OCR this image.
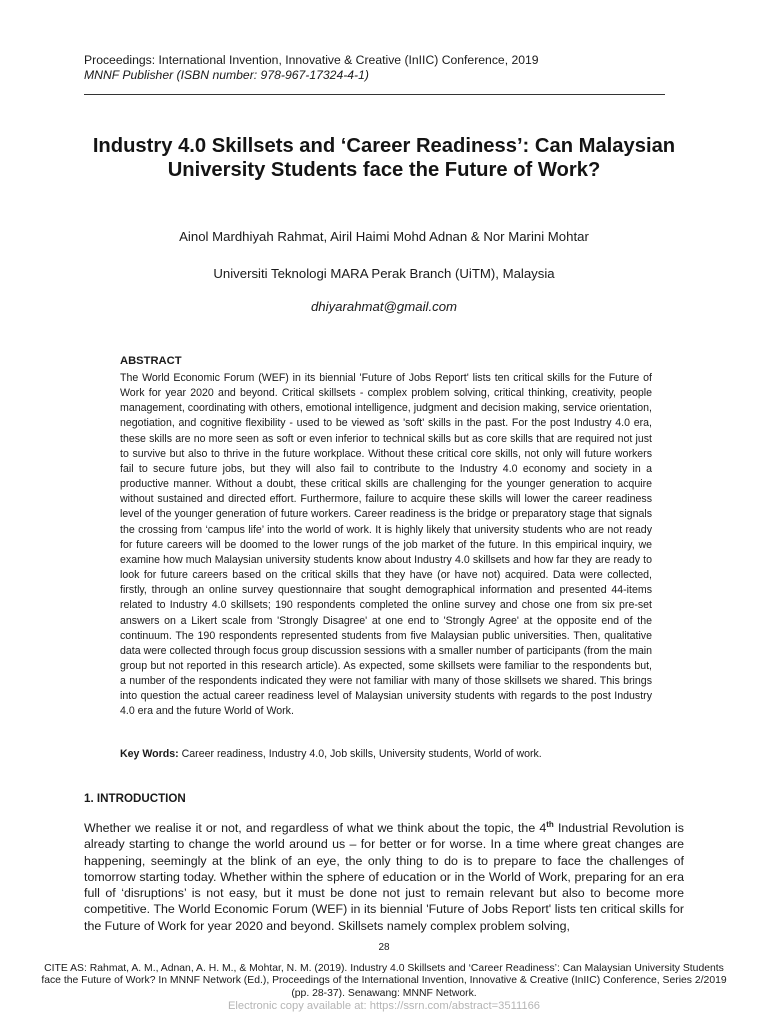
Proceedings: International Invention, Innovative & Creative (InIIC) Conference, 2019
MNNF Publisher (ISBN number: 978-967-17324-4-1)
Industry 4.0 Skillsets and ‘Career Readiness’: Can Malaysian University Students face the Future of Work?
Ainol Mardhiyah Rahmat, Airil Haimi Mohd Adnan & Nor Marini Mohtar
Universiti Teknologi MARA Perak Branch (UiTM), Malaysia
dhiyarahmat@gmail.com
ABSTRACT
The World Economic Forum (WEF) in its biennial 'Future of Jobs Report' lists ten critical skills for the Future of Work for year 2020 and beyond. Critical skillsets - complex problem solving, critical thinking, creativity, people management, coordinating with others, emotional intelligence, judgment and decision making, service orientation, negotiation, and cognitive flexibility - used to be viewed as 'soft' skills in the past. For the post Industry 4.0 era, these skills are no more seen as soft or even inferior to technical skills but as core skills that are required not just to survive but also to thrive in the future workplace. Without these critical core skills, not only will future workers fail to secure future jobs, but they will also fail to contribute to the Industry 4.0 economy and society in a productive manner. Without a doubt, these critical skills are challenging for the younger generation to acquire without sustained and directed effort. Furthermore, failure to acquire these skills will lower the career readiness level of the younger generation of future workers. Career readiness is the bridge or preparatory stage that signals the crossing from ‘campus life’ into the world of work. It is highly likely that university students who are not ready for future careers will be doomed to the lower rungs of the job market of the future. In this empirical inquiry, we examine how much Malaysian university students know about Industry 4.0 skillsets and how far they are ready to look for future careers based on the critical skills that they have (or have not) acquired. Data were collected, firstly, through an online survey questionnaire that sought demographical information and presented 44-items related to Industry 4.0 skillsets; 190 respondents completed the online survey and chose one from six pre-set answers on a Likert scale from 'Strongly Disagree' at one end to 'Strongly Agree' at the opposite end of the continuum. The 190 respondents represented students from five Malaysian public universities. Then, qualitative data were collected through focus group discussion sessions with a smaller number of participants (from the main group but not reported in this research article). As expected, some skillsets were familiar to the respondents but, a number of the respondents indicated they were not familiar with many of those skillsets we shared. This brings into question the actual career readiness level of Malaysian university students with regards to the post Industry 4.0 era and the future World of Work.
Key Words: Career readiness, Industry 4.0, Job skills, University students, World of work.
1. INTRODUCTION
Whether we realise it or not, and regardless of what we think about the topic, the 4th Industrial Revolution is already starting to change the world around us – for better or for worse. In a time where great changes are happening, seemingly at the blink of an eye, the only thing to do is to prepare to face the challenges of tomorrow starting today. Whether within the sphere of education or in the World of Work, preparing for an era full of ‘disruptions’ is not easy, but it must be done not just to remain relevant but also to become more competitive. The World Economic Forum (WEF) in its biennial 'Future of Jobs Report' lists ten critical skills for the Future of Work for year 2020 and beyond. Skillsets namely complex problem solving,
28
CITE AS: Rahmat, A. M., Adnan, A. H. M., & Mohtar, N. M. (2019). Industry 4.0 Skillsets and ‘Career Readiness’: Can Malaysian University Students face the Future of Work? In MNNF Network (Ed.), Proceedings of the International Invention, Innovative & Creative (InIIC) Conference, Series 2/2019 (pp. 28-37). Senawang: MNNF Network.
Electronic copy available at: https://ssrn.com/abstract=3511166
